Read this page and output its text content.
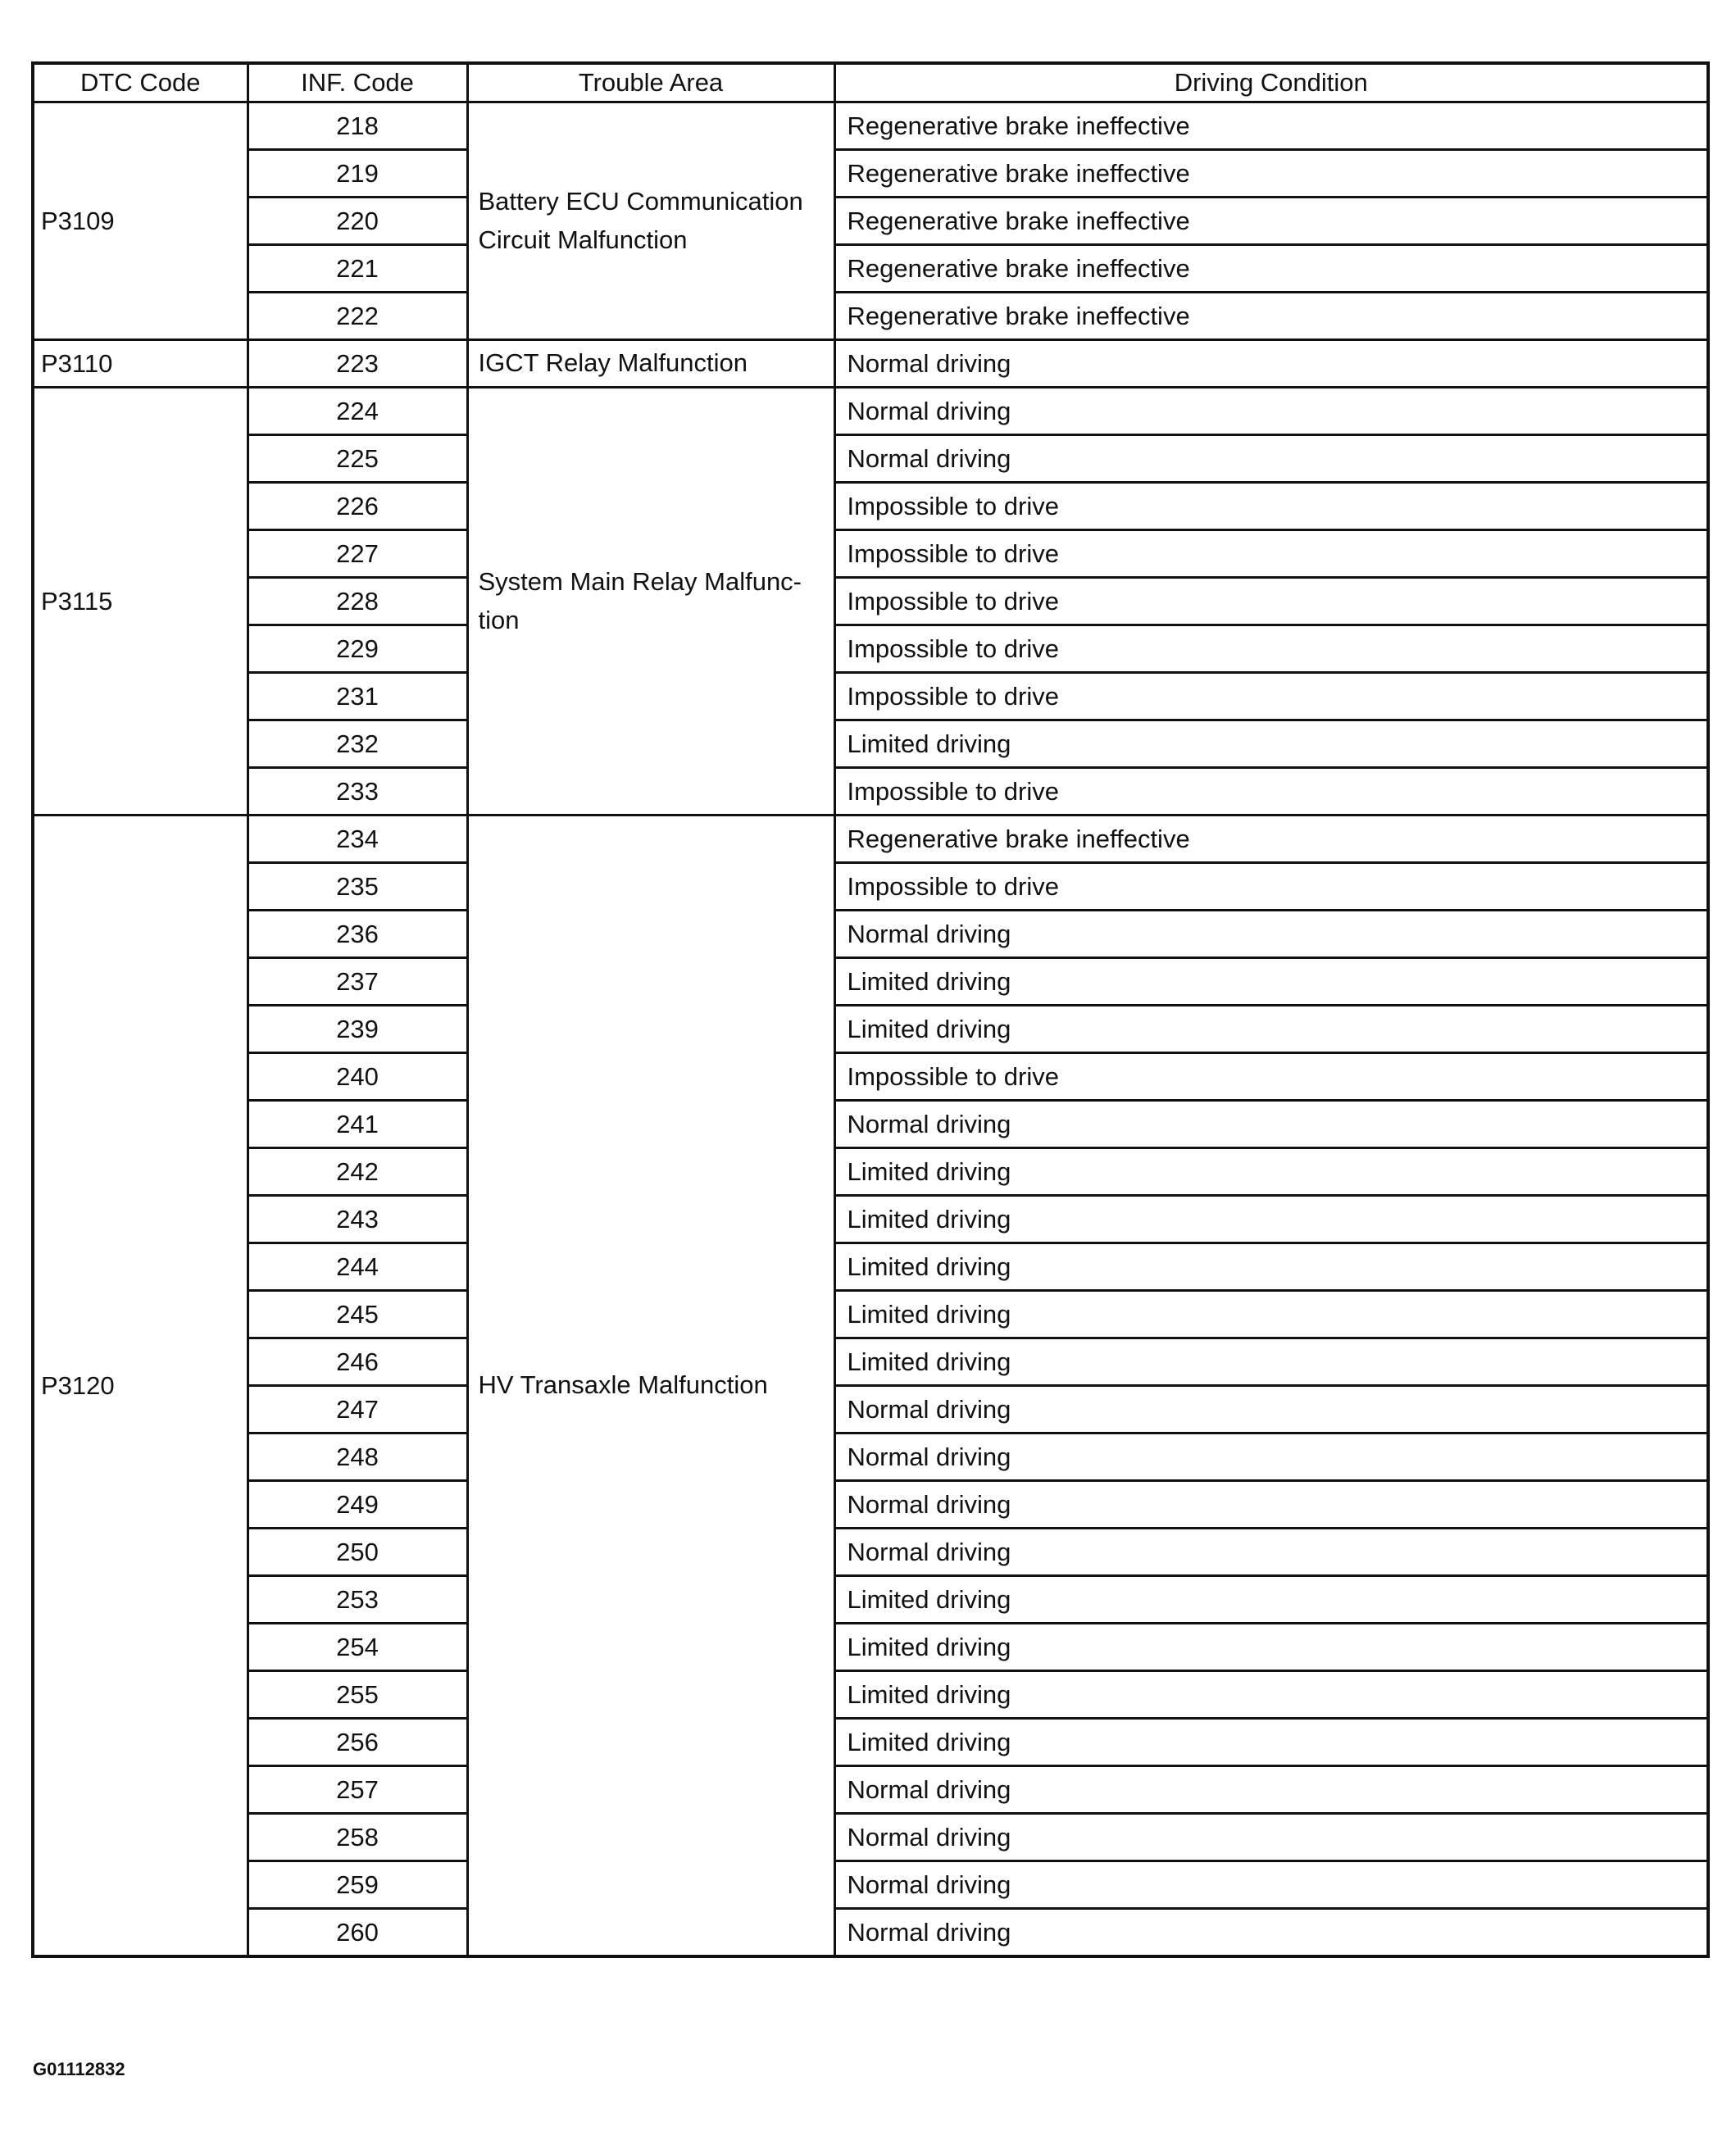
DTC Code	INF. Code	Trouble Area	Driving Condition
P3109	218	Battery ECU Communication Circuit Malfunction	Regenerative brake ineffective
	219		Regenerative brake ineffective
	220		Regenerative brake ineffective
	221		Regenerative brake ineffective
	222		Regenerative brake ineffective
P3110	223	IGCT Relay Malfunction	Normal driving
P3115	224	System Main Relay Malfunc- tion	Normal driving
	225		Normal driving
	226		Impossible to drive
	227		Impossible to drive
	228		Impossible to drive
	229		Impossible to drive
	231		Impossible to drive
	232		Limited driving
	233		Impossible to drive
P3120	234	HV Transaxle Malfunction	Regenerative brake ineffective
	235		Impossible to drive
	236		Normal driving
	237		Limited driving
	239		Limited driving
	240		Impossible to drive
	241		Normal driving
	242		Limited driving
	243		Limited driving
	244		Limited driving
	245		Limited driving
	246		Limited driving
	247		Normal driving
	248		Normal driving
	249		Normal driving
	250		Normal driving
	253		Limited driving
	254		Limited driving
	255		Limited driving
	256		Limited driving
	257		Normal driving
	258		Normal driving
	259		Normal driving
	260		Normal driving
G01112832
